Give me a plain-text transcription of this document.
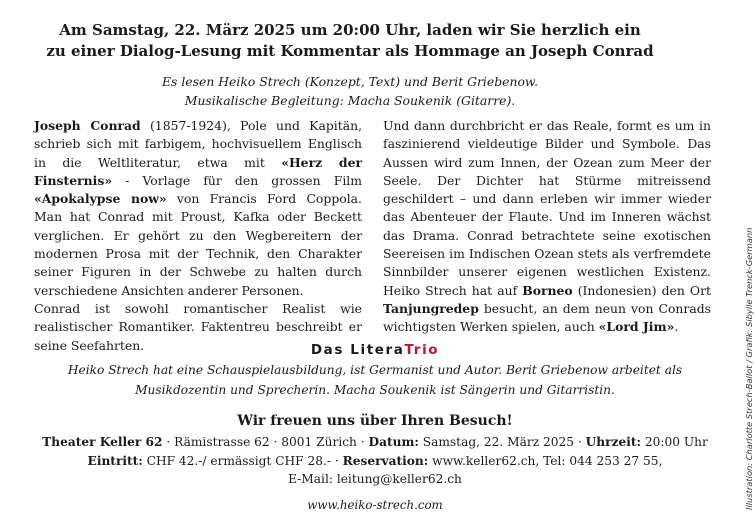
Am Samstag, 22. März 2025 um 20:00 Uhr, laden wir Sie herzlich ein
zu einer Dialog-Lesung mit Kommentar als Hommage an Joseph Conrad
Es lesen Heiko Strech (Konzept, Text) und Berit Griebenow.
Musikalische Begleitung: Macha Soukenik (Gitarre).

Joseph Conrad (1857-1924), Pole und Kapitän, schrieb sich mit farbigem, hochvisuellem Englisch in die Weltliteratur, etwa mit «Herz der Finsternis» - Vorlage für den grossen Film «Apokalypse now» von Francis Ford Coppola. Man hat Conrad mit Proust, Kafka oder Beckett verglichen. Er gehört zu den Wegbereitern der modernen Prosa mit der Technik, den Charakter seiner Figuren in der Schwebe zu halten durch verschiedene Ansichten anderer Personen.

Conrad ist sowohl romantischer Realist wie realistischer Romantiker. Faktentreu beschreibt er seine Seefahrten.

Und dann durchbricht er das Reale, formt es um in faszinierend vieldeutige Bilder und Symbole. Das Aussen wird zum Innen, der Ozean zum Meer der Seele. Der Dichter hat Stürme mitreissend geschildert – und dann erleben wir immer wieder das Abenteuer der Flaute. Und im Inneren wächst das Drama. Conrad betrachtete seine exotischen Seereisen im Indischen Ozean stets als verfremdete Sinnbilder unserer eigenen westlichen Existenz. Heiko Strech hat auf Borneo (Indonesien) den Ort Tanjungredep besucht, an dem neun von Conrads wichtigsten Werken spielen, auch «Lord Jim».

Das LiteraTrio
Heiko Strech hat eine Schauspielausbildung, ist Germanist und Autor. Berit Griebenow arbeitet als
Musikdozentin und Sprecherin. Macha Soukenik ist Sängerin und Gitarristin.
Wir freuen uns über Ihren Besuch!
Theater Keller 62 · Rämistrasse 62 · 8001 Zürich · Datum: Samstag, 22. März 2025 · Uhrzeit: 20:00 Uhr
Eintritt: CHF 42.-/ ermässigt CHF 28.- · Reservation: www.keller62.ch, Tel: 044 253 27 55,
E-Mail: leitung@keller62.ch
www.heiko-strech.com	Illustration: Charlotte Strech-Ballot / Grafik: Sibylle Trenck-Germann
